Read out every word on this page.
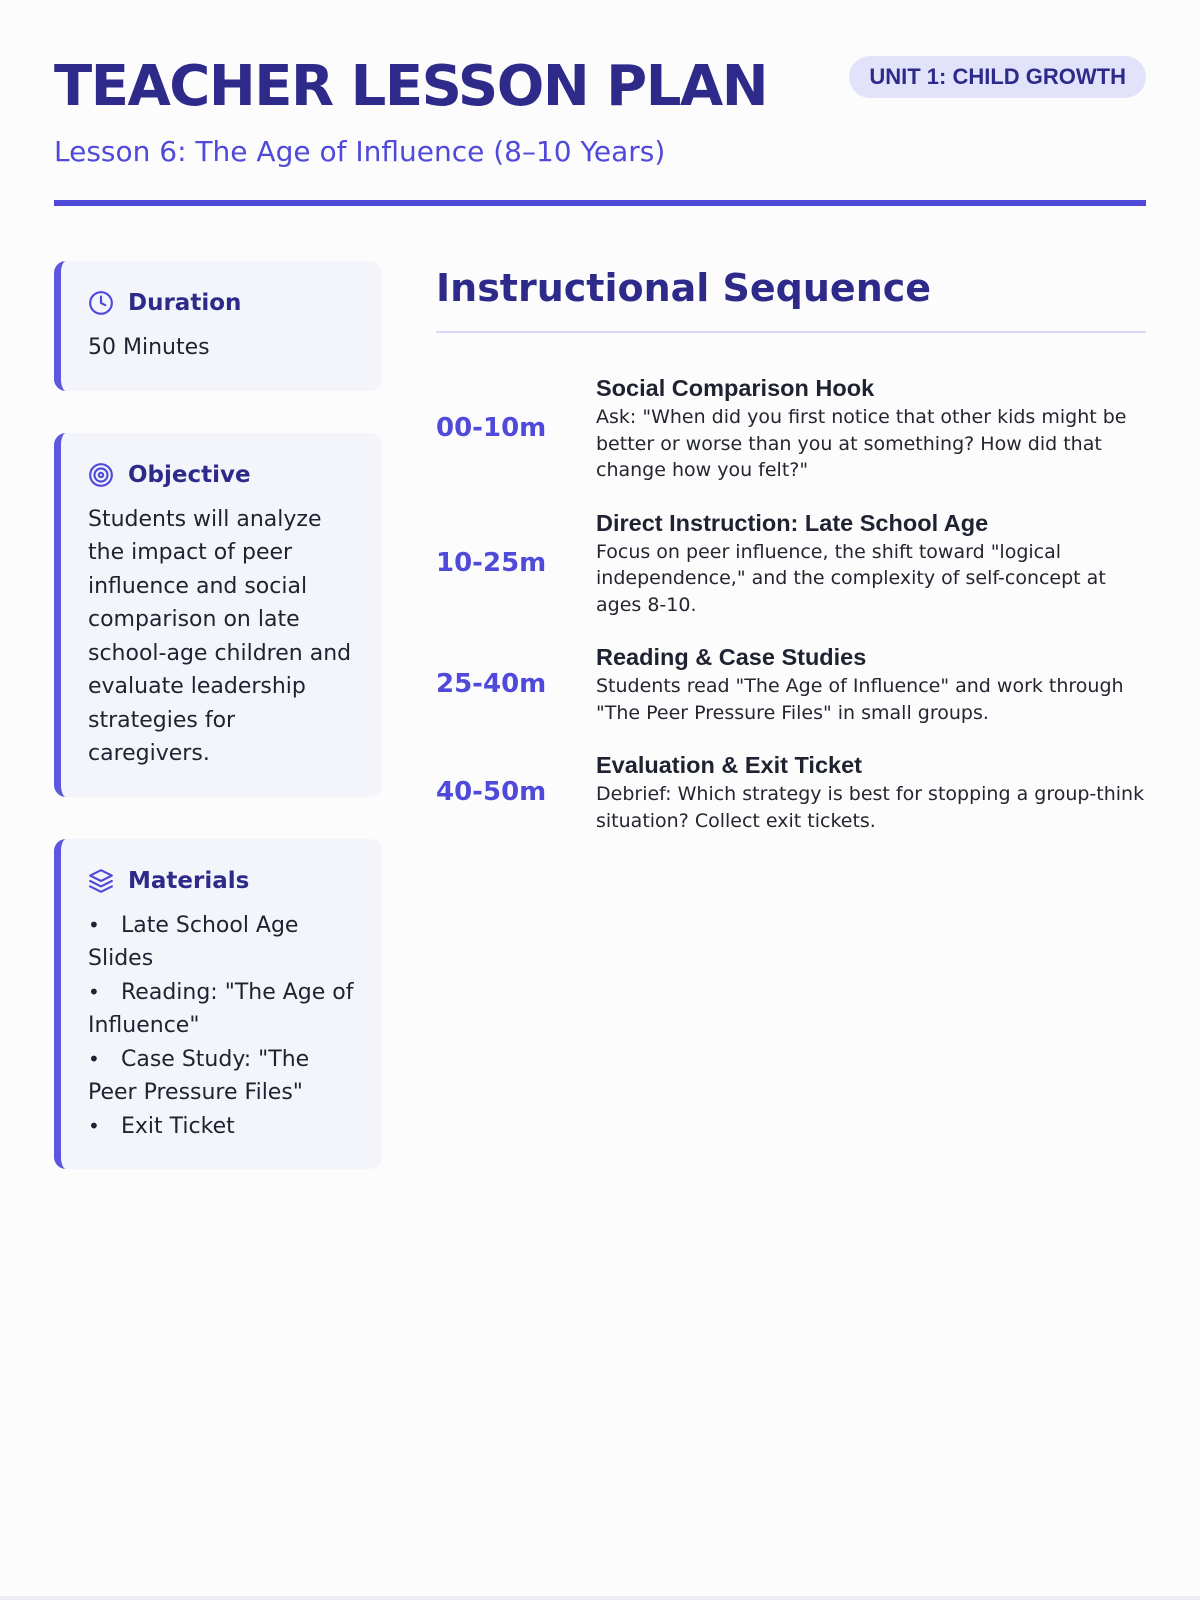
TEACHER LESSON PLAN	UNIT 1: CHILD GROWTH
Lesson 6: The Age of Influence (8–10 Years)
Duration
50 Minutes
Objective
Students will analyze the impact of peer influence and social comparison on late school-age children and evaluate leadership strategies for caregivers.
Materials
• Late School Age Slides
• Reading: "The Age of Influence"
• Case Study: "The Peer Pressure Files"
• Exit Ticket
Instructional Sequence
00-10m
Social Comparison Hook
Ask: "When did you first notice that other kids might be better or worse than you at something? How did that change how you felt?"
10-25m
Direct Instruction: Late School Age
Focus on peer influence, the shift toward "logical independence," and the complexity of self-concept at ages 8-10.
25-40m
Reading & Case Studies
Students read "The Age of Influence" and work through "The Peer Pressure Files" in small groups.
40-50m
Evaluation & Exit Ticket
Debrief: Which strategy is best for stopping a group-think situation? Collect exit tickets.
